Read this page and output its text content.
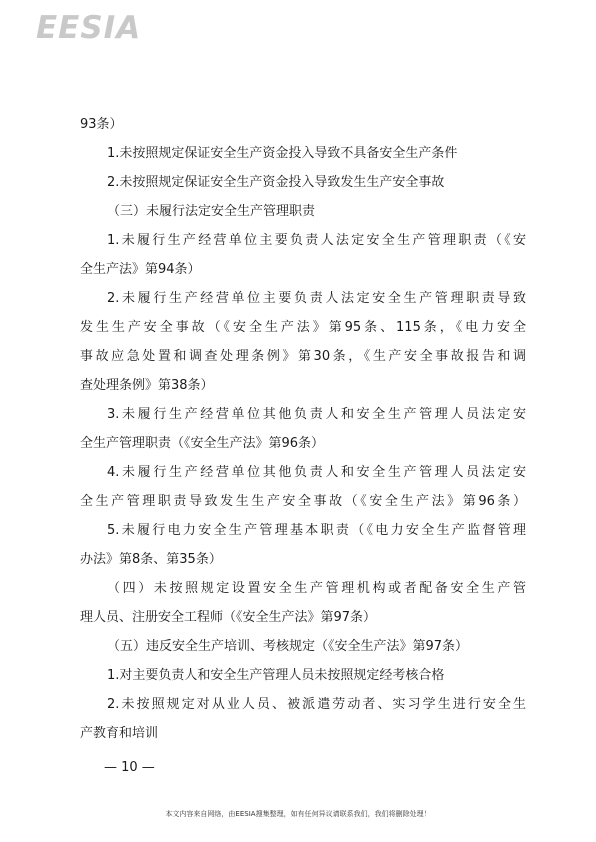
EESIA
93条）
1.未按照规定保证安全生产资金投入导致不具备安全生产条件
2.未按照规定保证安全生产资金投入导致发生生产安全事故
（三）未履行法定安全生产管理职责
1.未履行生产经营单位主要负责人法定安全生产管理职责（《安
全生产法》第94条）
2.未履行生产经营单位主要负责人法定安全生产管理职责导致
发生生产安全事故（《安全生产法》第95条、115条，《电力安全
事故应急处置和调查处理条例》第30条，《生产安全事故报告和调
查处理条例》第38条）
3.未履行生产经营单位其他负责人和安全生产管理人员法定安
全生产管理职责（《安全生产法》第96条）
4.未履行生产经营单位其他负责人和安全生产管理人员法定安
全生产管理职责导致发生生产安全事故（《安全生产法》第96条）
5.未履行电力安全生产管理基本职责（《电力安全生产监督管理
办法》第8条、第35条）
（四）未按照规定设置安全生产管理机构或者配备安全生产管
理人员、注册安全工程师（《安全生产法》第97条）
（五）违反安全生产培训、考核规定（《安全生产法》第97条）
1.对主要负责人和安全生产管理人员未按照规定经考核合格
2.未按照规定对从业人员、被派遣劳动者、实习学生进行安全生
产教育和培训
— 10 —
本文内容来自网络，由EESIA搜集整理，如有任何异议请联系我们，我们将删除处理！
